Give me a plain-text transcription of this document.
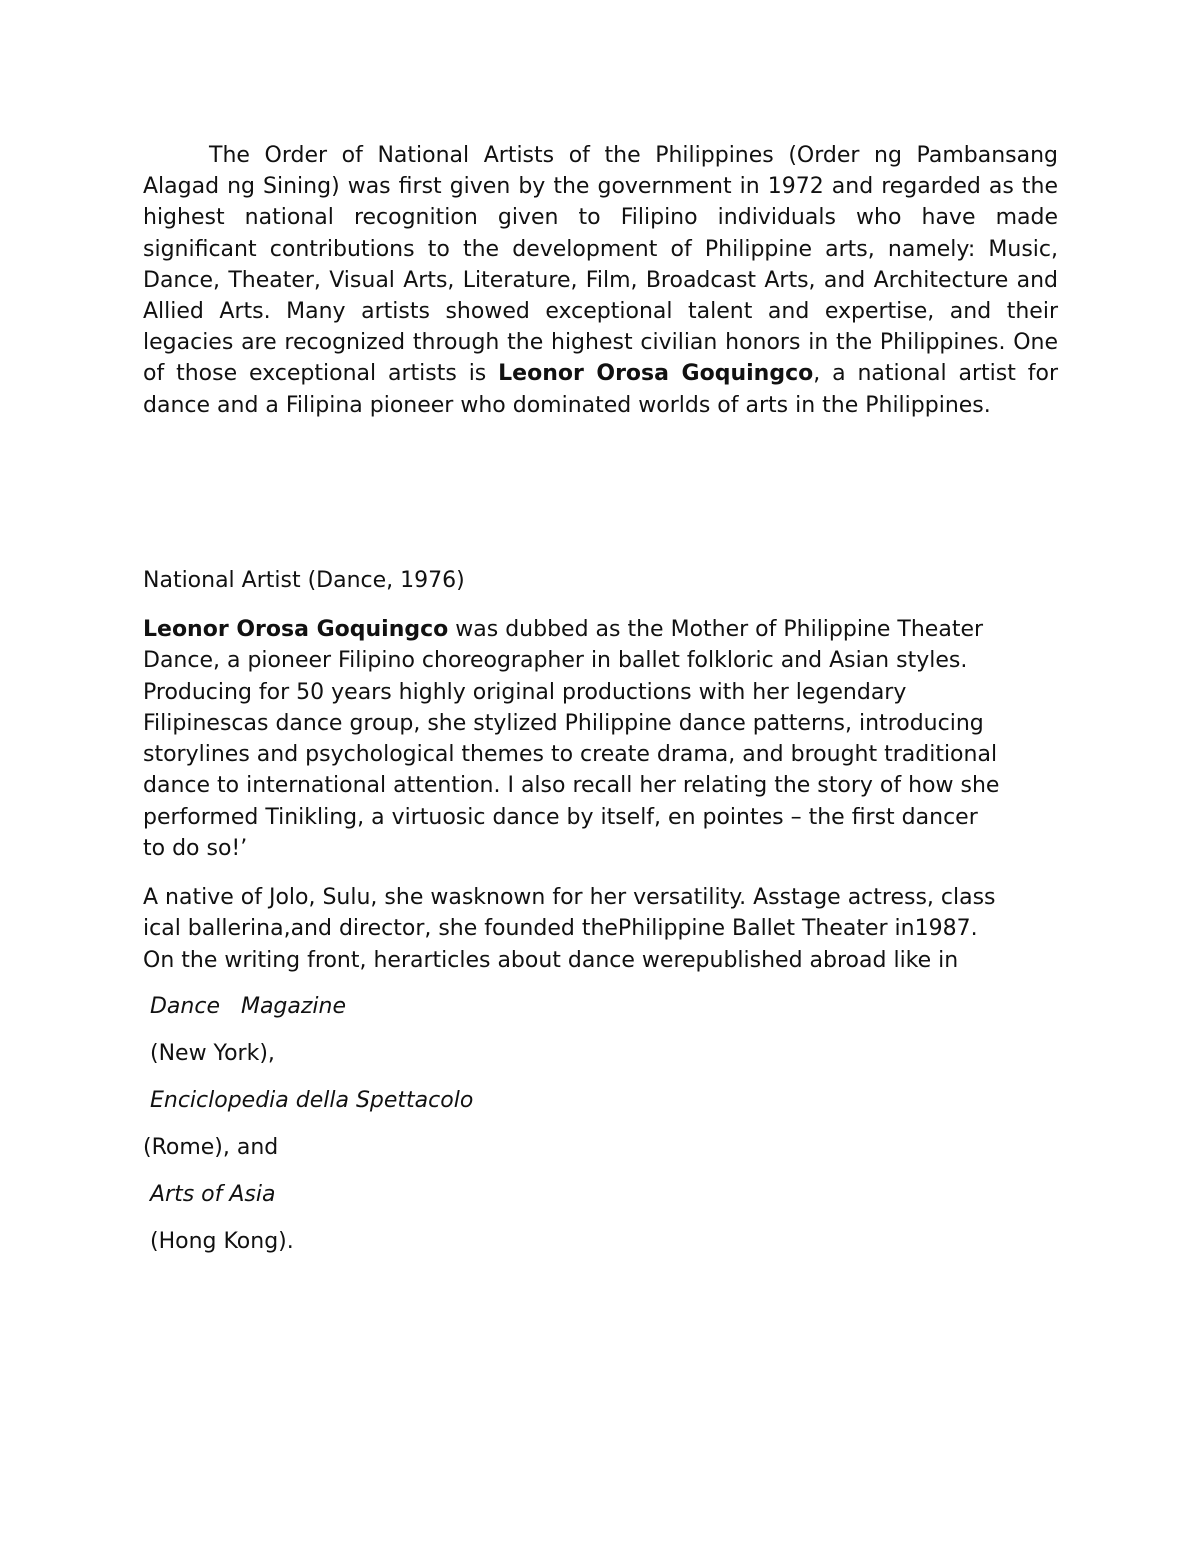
The Order of National Artists of the Philippines (Order ng Pambansang Alagad ng Sining) was first given by the government in 1972 and regarded as the highest national recognition given to Filipino individuals who have made significant contributions to the development of Philippine arts, namely: Music, Dance, Theater, Visual Arts, Literature, Film, Broadcast Arts, and Architecture and Allied Arts. Many artists showed exceptional talent and expertise, and their legacies are recognized through the highest civilian honors in the Philippines. One of those exceptional artists is Leonor Orosa Goquingco, a national artist for dance and a Filipina pioneer who dominated worlds of arts in the Philippines.

National Artist (Dance, 1976)

Leonor Orosa Goquingco was dubbed as the Mother of Philippine Theater
Dance, a pioneer Filipino choreographer in ballet folkloric and Asian styles.
Producing for 50 years highly original productions with her legendary
Filipinescas dance group, she stylized Philippine dance patterns, introducing
storylines and psychological themes to create drama, and brought traditional
dance to international attention. I also recall her relating the story of how she
performed Tinikling, a virtuosic dance by itself, en pointes – the first dancer
to do so!’

A native of Jolo, Sulu, she wasknown for her versatility. Asstage actress, class
ical ballerina,and director, she founded thePhilippine Ballet Theater in1987.
On the writing front, herarticles about dance werepublished abroad like in

Dance   Magazine

(New York),

Enciclopedia della Spettacolo

(Rome), and

Arts of Asia

(Hong Kong).
